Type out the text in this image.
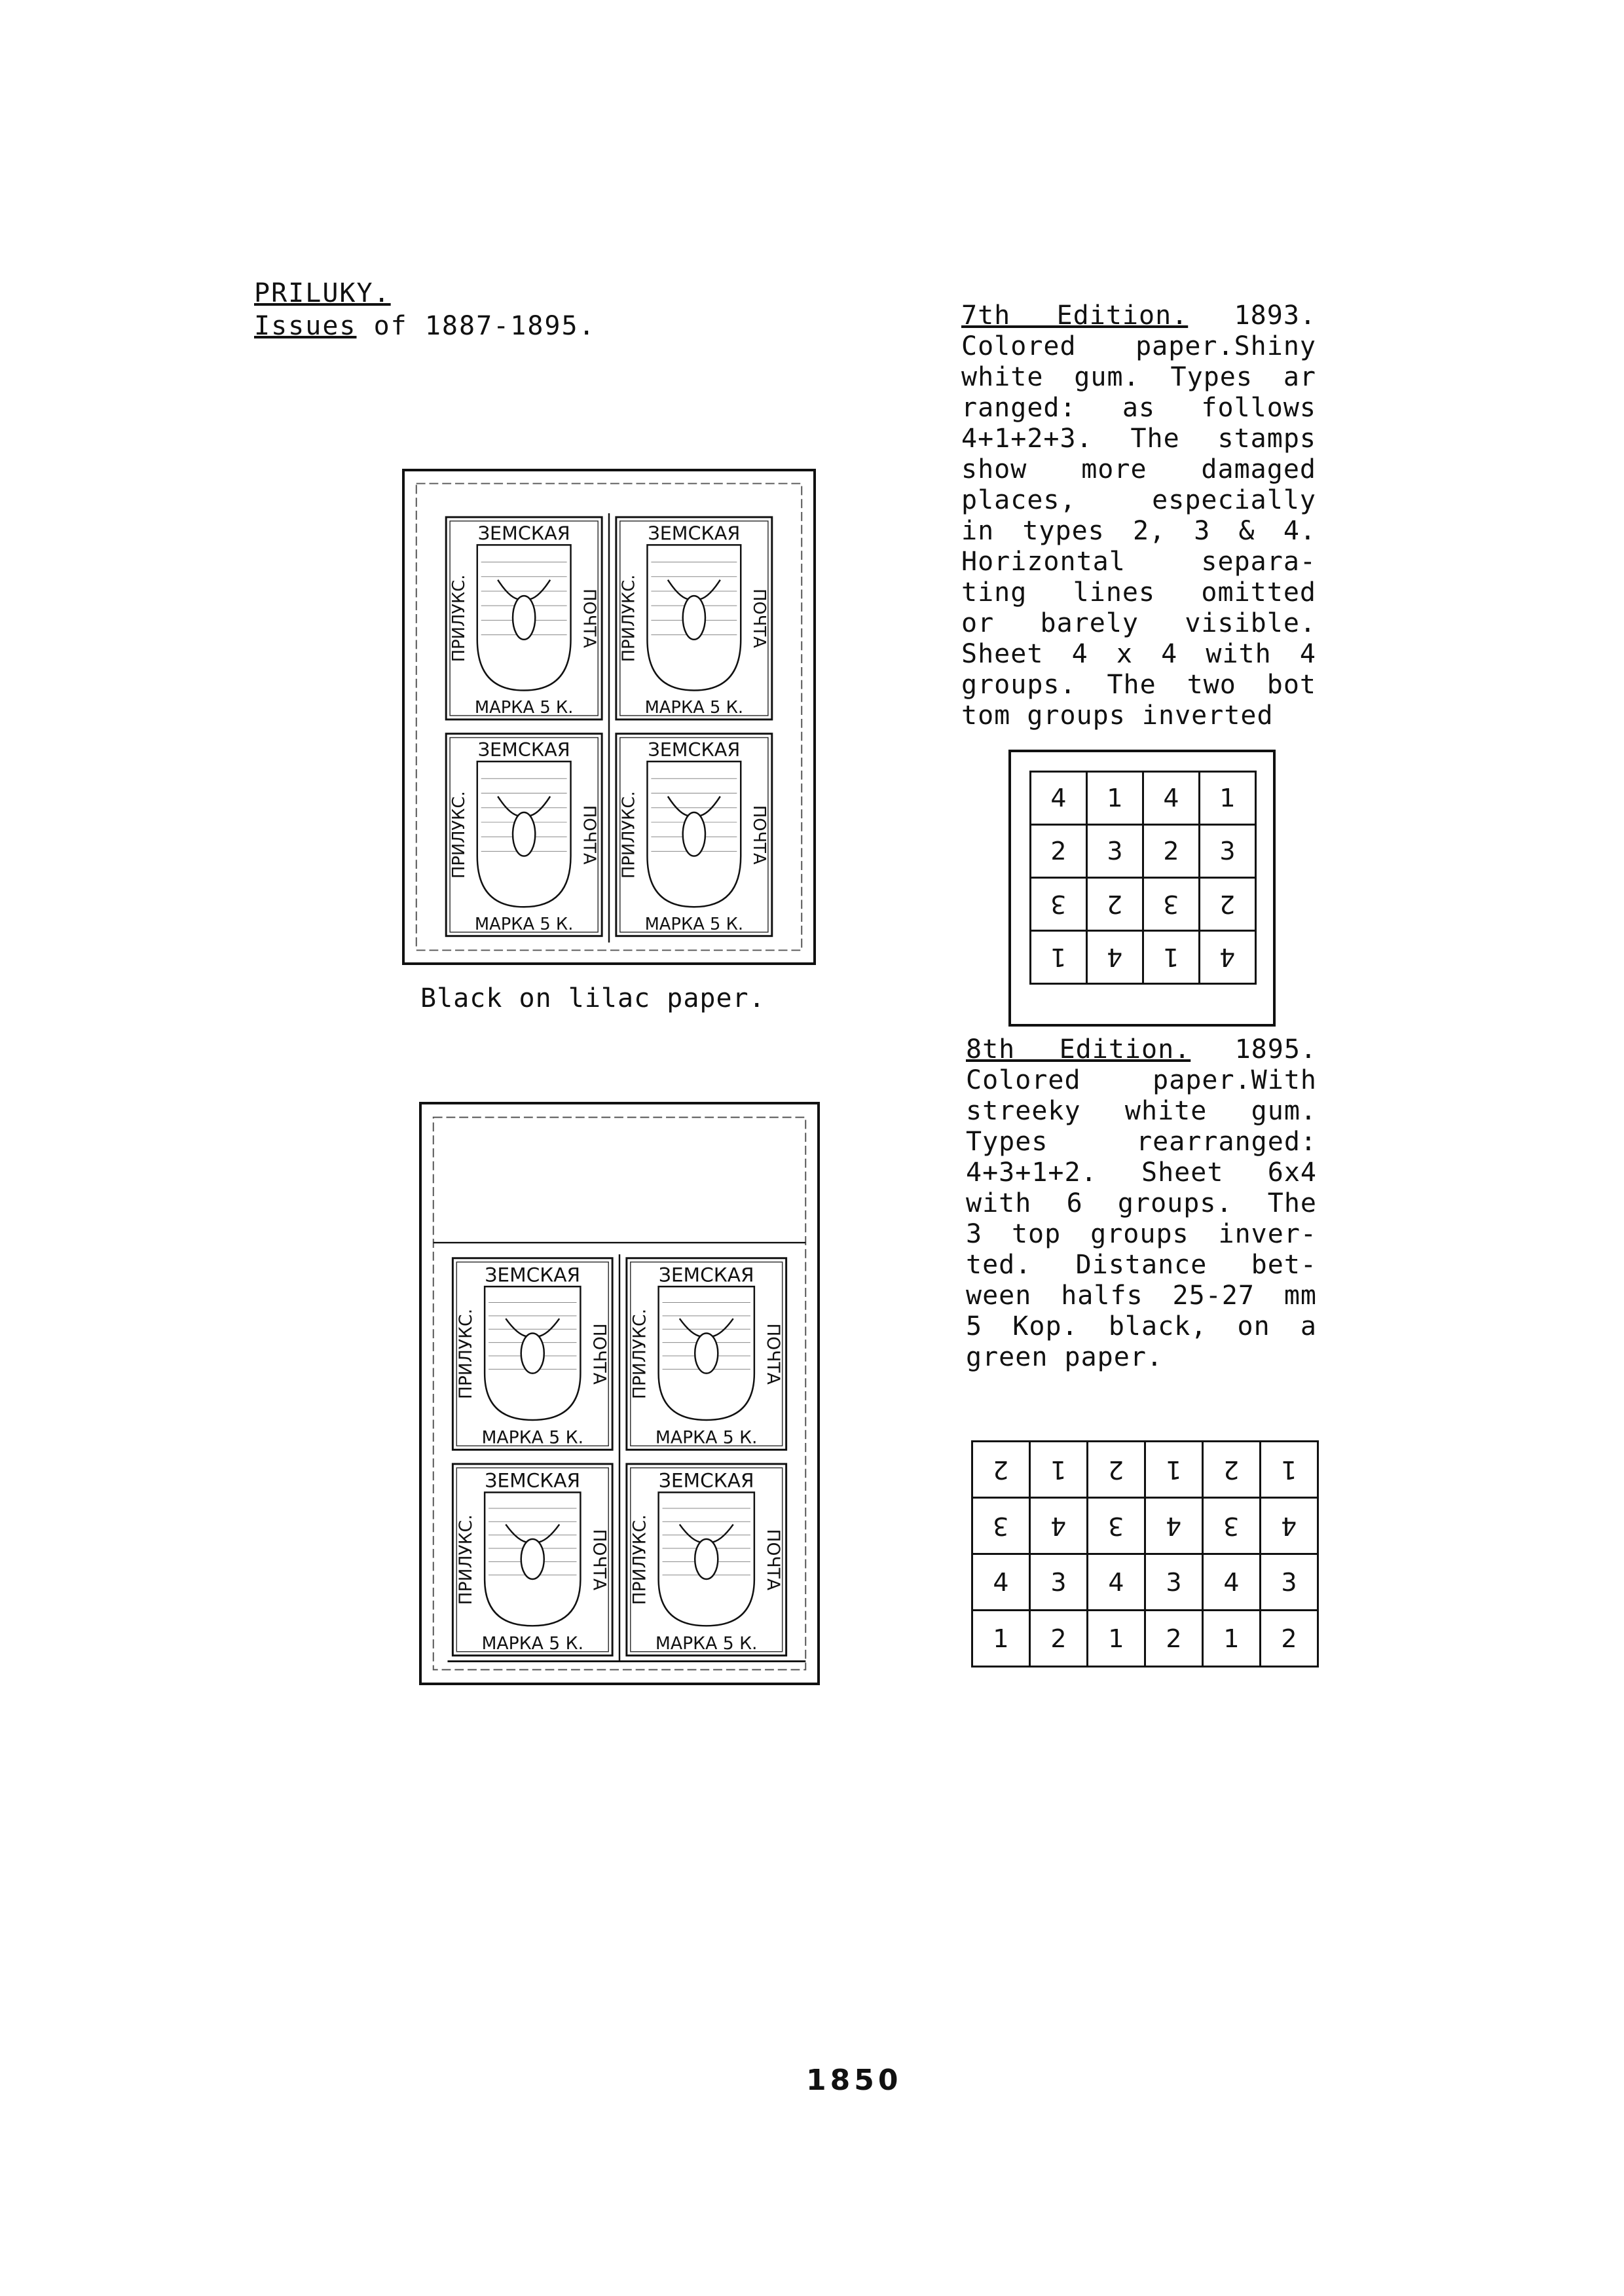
PRILUKY.
Issues of 1887-1895.
ЗЕМСКАЯ
МАРКА 5 К.
ПРИЛУКС.	ПОЧТА
ЗЕМСКАЯ
МАРКА 5 К.
ПРИЛУКС.	ПОЧТА
ЗЕМСКАЯ
МАРКА 5 К.
ПРИЛУКС.	ПОЧТА
ЗЕМСКАЯ
МАРКА 5 К.
ПРИЛУКС.	ПОЧТА
Black on lilac paper.
ЗЕМСКАЯ
МАРКА 5 К.
ПРИЛУКС.	ПОЧТА
ЗЕМСКАЯ
МАРКА 5 К.
ПРИЛУКС.	ПОЧТА
ЗЕМСКАЯ
МАРКА 5 К.
ПРИЛУКС.	ПОЧТА
ЗЕМСКАЯ
МАРКА 5 К.
ПРИЛУКС.	ПОЧТА
7th Edition. 1893.
Colored paper.Shiny
white gum. Types ar
ranged: as follows
4+1+2+3. The stamps
show more damaged
places, especially
in types 2, 3 & 4.
Horizontal separa-
ting lines omitted
or barely visible.
Sheet 4 x 4 with 4
groups. The two bot
tom groups inverted
4	1	4	1
2	3	2	3
3	2	3	2
1	4	1	4
8th Edition. 1895.
Colored paper.With
streeky white gum.
Types rearranged:
4+3+1+2. Sheet 6x4
with 6 groups. The
3 top groups inver-
ted. Distance bet-
ween halfs 25-27 mm
5 Kop. black, on a
green paper.
2	1	2	1	2	1
3	4	3	4	3	4
4	3	4	3	4	3
1	2	1	2	1	2
1850
